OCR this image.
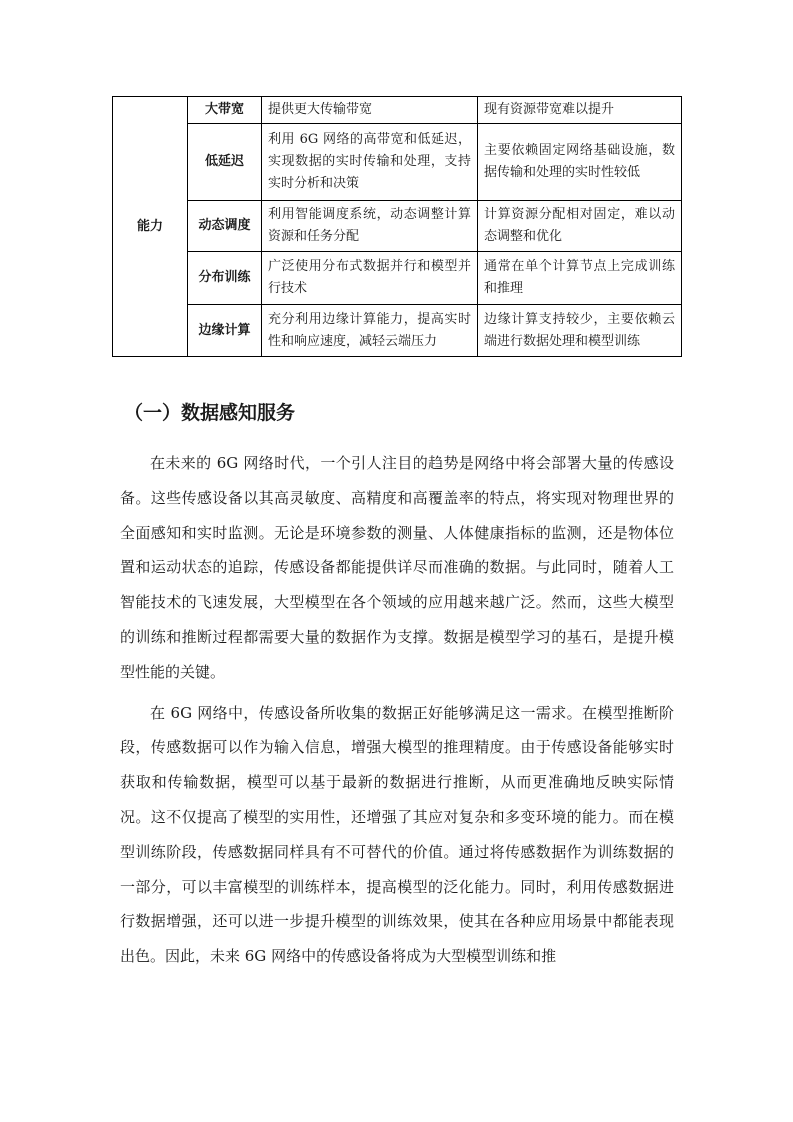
能力	大带宽	提供更大传输带宽	现有资源带宽难以提升
	低延迟	利用 6G 网络的高带宽和低延迟，实现数据的实时传输和处理，支持实时分析和决策	主要依赖固定网络基础设施，数据传输和处理的实时性较低
	动态调度	利用智能调度系统，动态调整计算资源和任务分配	计算资源分配相对固定，难以动态调整和优化
	分布训练	广泛使用分布式数据并行和模型并行技术	通常在单个计算节点上完成训练和推理
	边缘计算	充分利用边缘计算能力，提高实时性和响应速度，减轻云端压力	边缘计算支持较少，主要依赖云端进行数据处理和模型训练
（一）数据感知服务

在未来的 6G 网络时代，一个引人注目的趋势是网络中将会部署大量的传感设备。这些传感设备以其高灵敏度、高精度和高覆盖率的特点，将实现对物理世界的全面感知和实时监测。无论是环境参数的测量、人体健康指标的监测，还是物体位置和运动状态的追踪，传感设备都能提供详尽而准确的数据。与此同时，随着人工智能技术的飞速发展，大型模型在各个领域的应用越来越广泛。然而，这些大模型的训练和推断过程都需要大量的数据作为支撑。数据是模型学习的基石，是提升模型性能的关键。

在 6G 网络中，传感设备所收集的数据正好能够满足这一需求。在模型推断阶段，传感数据可以作为输入信息，增强大模型的推理精度。由于传感设备能够实时获取和传输数据，模型可以基于最新的数据进行推断，从而更准确地反映实际情况。这不仅提高了模型的实用性，还增强了其应对复杂和多变环境的能力。而在模型训练阶段，传感数据同样具有不可替代的价值。通过将传感数据作为训练数据的一部分，可以丰富模型的训练样本，提高模型的泛化能力。同时，利用传感数据进行数据增强，还可以进一步提升模型的训练效果，使其在各种应用场景中都能表现出色。因此，未来 6G 网络中的传感设备将成为大型模型训练和推
